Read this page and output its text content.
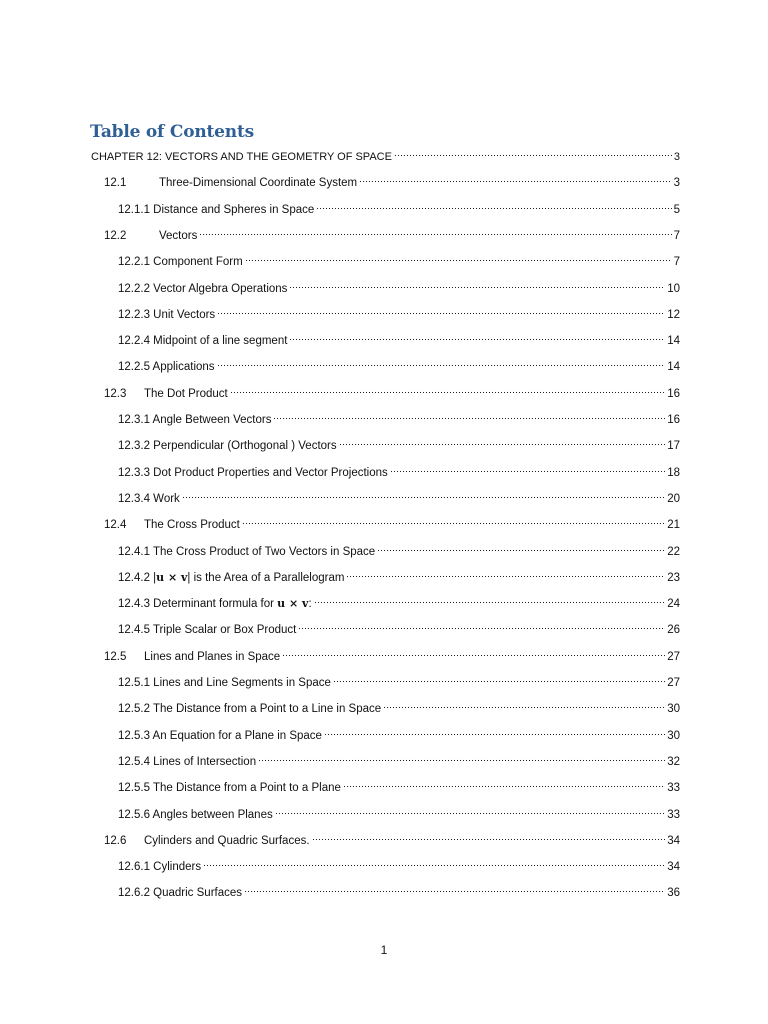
Table of Contents
CHAPTER 12: VECTORS AND THE GEOMETRY OF SPACE	3
12.1	Three-Dimensional Coordinate System	3
12.1.1 Distance and Spheres in Space	5
12.2	Vectors	7
12.2.1 Component Form	7
12.2.2 Vector Algebra Operations	10
12.2.3 Unit Vectors	12
12.2.4 Midpoint of a line segment	14
12.2.5 Applications	14
12.3	The Dot Product	16
12.3.1 Angle Between Vectors	16
12.3.2 Perpendicular (Orthogonal ) Vectors	17
12.3.3 Dot Product Properties and Vector Projections	18
12.3.4 Work	20
12.4	The Cross Product	21
12.4.1 The Cross Product of Two Vectors in Space	22
12.4.2 |u × v| is the Area of a Parallelogram	23
12.4.3 Determinant formula for u × v:	24
12.4.5 Triple Scalar or Box Product	26
12.5	Lines and Planes in Space	27
12.5.1 Lines and Line Segments in Space	27
12.5.2 The Distance from a Point to a Line in Space	30
12.5.3 An Equation for a Plane in Space	30
12.5.4 Lines of Intersection	32
12.5.5 The Distance from a Point to a Plane	33
12.5.6 Angles between Planes	33
12.6	Cylinders and Quadric Surfaces.	34
12.6.1 Cylinders	34
12.6.2 Quadric Surfaces	36
1
